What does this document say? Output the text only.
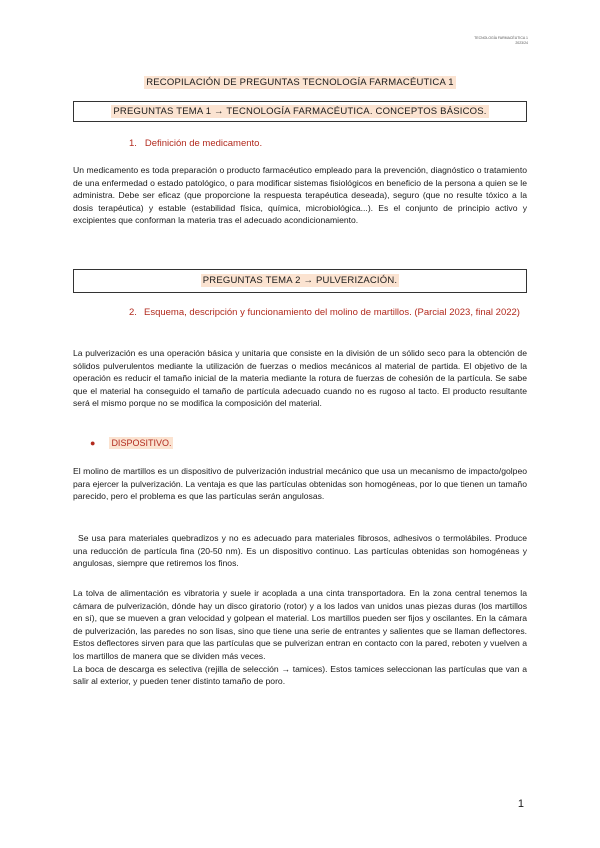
TECNOLOGÍA FARMACÉUTICA 1
2023/24
RECOPILACIÓN DE PREGUNTAS TECNOLOGÍA FARMACÉUTICA 1
PREGUNTAS TEMA 1 → TECNOLOGÍA FARMACÉUTICA. CONCEPTOS BÁSICOS.
1. Definición de medicamento.

Un medicamento es toda preparación o producto farmacéutico empleado para la prevención, diagnóstico o tratamiento de una enfermedad o estado patológico, o para modificar sistemas fisiológicos en beneficio de la persona a quien se le administra. Debe ser eficaz (que proporcione la respuesta terapéutica deseada), seguro (que no resulte tóxico a la dosis terapéutica) y estable (estabilidad física, química, microbiológica...). Es el conjunto de principio activo y excipientes que conforman la materia tras el adecuado acondicionamiento.

PREGUNTAS TEMA 2 → PULVERIZACIÓN.
2. Esquema, descripción y funcionamiento del molino de martillos. (Parcial 2023, final 2022)

La pulverización es una operación básica y unitaria que consiste en la división de un sólido seco para la obtención de sólidos pulverulentos mediante la utilización de fuerzas o medios mecánicos al material de partida. El objetivo de la operación es reducir el tamaño inicial de la materia mediante la rotura de fuerzas de cohesión de la partícula. Se sabe que el material ha conseguido el tamaño de partícula adecuado cuando no es rugoso al tacto. El producto resultante será el mismo porque no se modifica la composición del material.

● DISPOSITIVO.

El molino de martillos es un dispositivo de pulverización industrial mecánico que usa un mecanismo de impacto/golpeo para ejercer la pulverización. La ventaja es que las partículas obtenidas son homogéneas, por lo que tienen un tamaño parecido, pero el problema es que las partículas serán angulosas.

Se usa para materiales quebradizos y no es adecuado para materiales fibrosos, adhesivos o termolábiles. Produce una reducción de partícula fina (20-50 nm). Es un dispositivo continuo. Las partículas obtenidas son homogéneas y angulosas, siempre que retiremos los finos.

La tolva de alimentación es vibratoria y suele ir acoplada a una cinta transportadora. En la zona central tenemos la cámara de pulverización, dónde hay un disco giratorio (rotor) y a los lados van unidos unas piezas duras (los martillos en sí), que se mueven a gran velocidad y golpean el material. Los martillos pueden ser fijos y oscilantes. En la cámara de pulverización, las paredes no son lisas, sino que tiene una serie de entrantes y salientes que se llaman deflectores. Estos deflectores sirven para que las partículas que se pulverizan entran en contacto con la pared, reboten y vuelven a los martillos de manera que se dividen más veces.

La boca de descarga es selectiva (rejilla de selección → tamices). Estos tamices seleccionan las partículas que van a salir al exterior, y pueden tener distinto tamaño de poro.

1
